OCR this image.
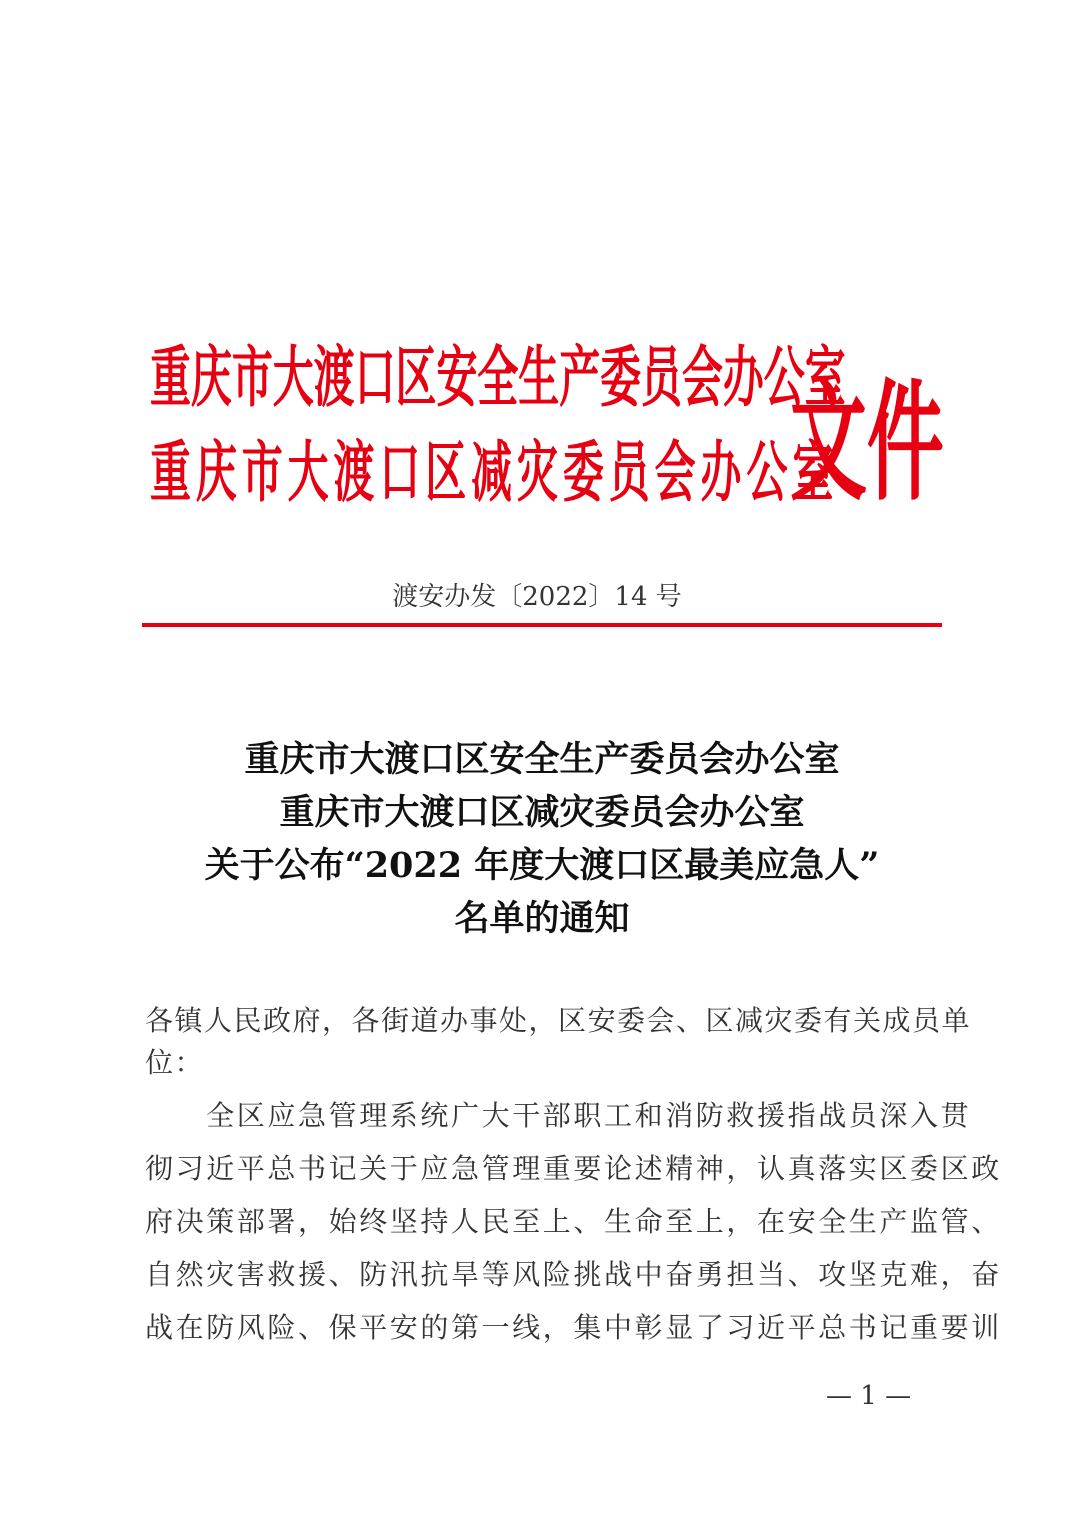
重庆市大渡口区安全生产委员会办公室
重庆市大渡口区减灾委员会办公室
文件
渡安办发〔2022〕14 号
重庆市大渡口区安全生产委员会办公室
重庆市大渡口区减灾委员会办公室
关于公布“2022 年度大渡口区最美应急人”
名单的通知
各镇人民政府，各街道办事处，区安委会、区减灾委有关成员单
位：
　　全区应急管理系统广大干部职工和消防救援指战员深入贯
彻习近平总书记关于应急管理重要论述精神，认真落实区委区政
府决策部署，始终坚持人民至上、生命至上，在安全生产监管、
自然灾害救援、防汛抗旱等风险挑战中奋勇担当、攻坚克难，奋
战在防风险、保平安的第一线，集中彰显了习近平总书记重要训
— 1 —
